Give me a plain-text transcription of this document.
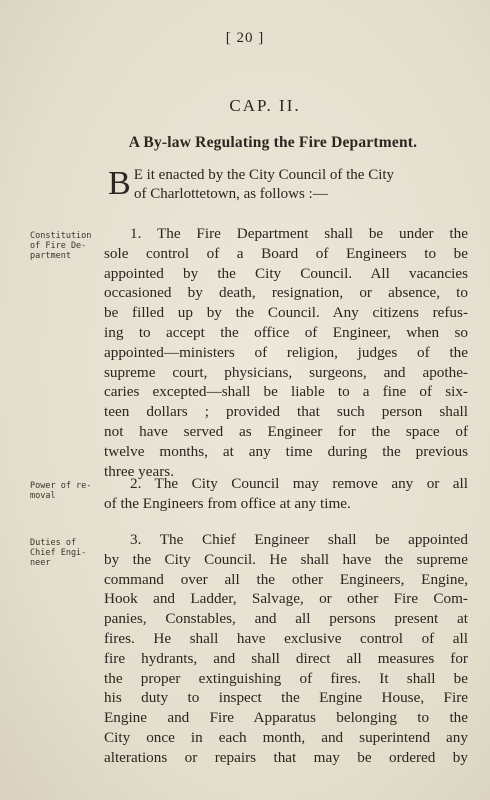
[ 20 ]
CAP. II.
A By-law Regulating the Fire Department.
B E it enacted by the City Council of the City
of Charlottetown, as follows :—
Constitution
of Fire De-
partment
1. The Fire Department shall be under the
sole control of a Board of Engineers to be
appointed by the City Council. All vacancies
occasioned by death, resignation, or absence, to
be filled up by the Council. Any citizens refus-
ing to accept the office of Engineer, when so
appointed—ministers of religion, judges of the
supreme court, physicians, surgeons, and apothe-
caries excepted—shall be liable to a fine of six-
teen dollars ; provided that such person shall
not have served as Engineer for the space of
twelve months, at any time during the previous
three years.
Power of re-
moval
2. The City Council may remove any or all
of the Engineers from office at any time.
Duties of
Chief Engi-
neer
3. The Chief Engineer shall be appointed
by the City Council. He shall have the supreme
command over all the other Engineers, Engine,
Hook and Ladder, Salvage, or other Fire Com-
panies, Constables, and all persons present at
fires. He shall have exclusive control of all
fire hydrants, and shall direct all measures for
the proper extinguishing of fires. It shall be
his duty to inspect the Engine House, Fire
Engine and Fire Apparatus belonging to the
City once in each month, and superintend any
alterations or repairs that may be ordered by
